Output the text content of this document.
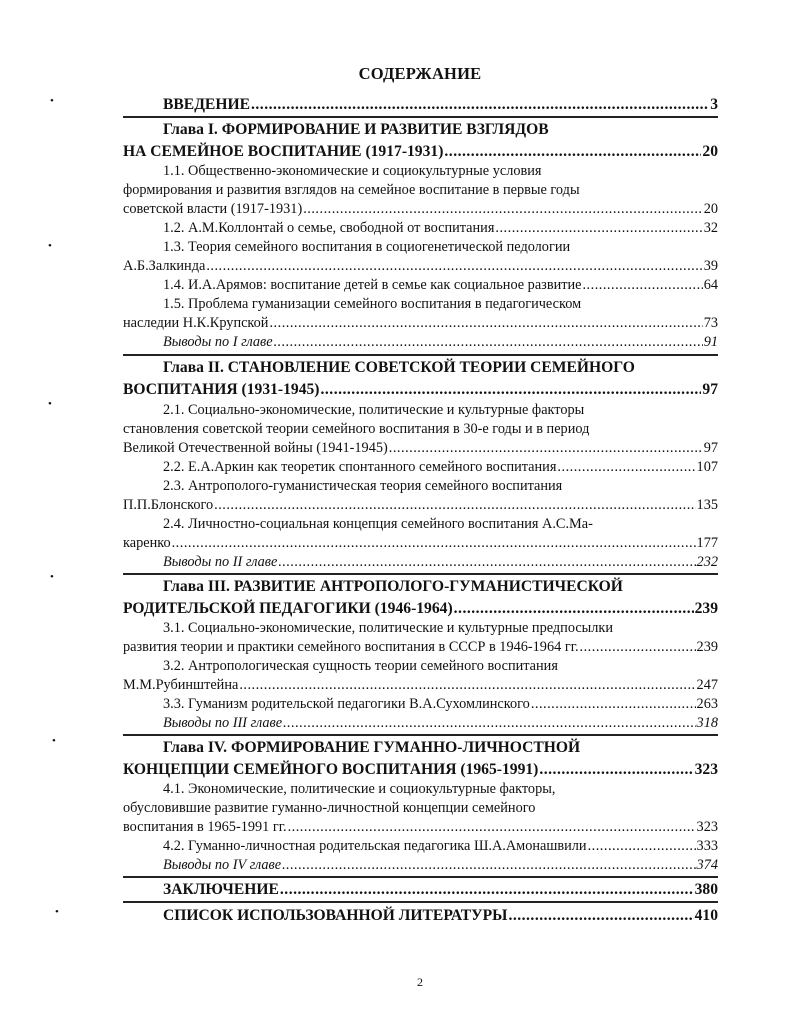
СОДЕРЖАНИЕ
•
•
•
•
•
•
ВВЕДЕНИЕ .....	3
Глава I. ФОРМИРОВАНИЕ И РАЗВИТИЕ ВЗГЛЯДОВ
НА СЕМЕЙНОЕ ВОСПИТАНИЕ (1917-1931) .....	20
1.1. Общественно-экономические и социокультурные условия
формирования и развития взглядов на семейное воспитание в первые годы
советской власти (1917-1931) .....	20
1.2. А.М.Коллонтай о семье, свободной от воспитания .....	32
1.3. Теория семейного воспитания в социогенетической педологии
А.Б.Залкинда .....	39
1.4. И.А.Арямов: воспитание детей в семье как социальное развитие .....	64
1.5. Проблема гуманизации семейного воспитания в педагогическом
наследии Н.К.Крупской .....	73
Выводы по I главе .....	91
Глава II. СТАНОВЛЕНИЕ СОВЕТСКОЙ ТЕОРИИ СЕМЕЙНОГО
ВОСПИТАНИЯ (1931-1945) .....	97
2.1. Социально-экономические, политические и культурные факторы
становления советской теории семейного воспитания в 30-е годы и в период
Великой Отечественной войны (1941-1945) .....	97
2.2. Е.А.Аркин как теоретик спонтанного семейного воспитания .....	107
2.3. Антрополого-гуманистическая теория семейного воспитания
П.П.Блонского .....	135
2.4. Личностно-социальная концепция семейного воспитания А.С.Ма-
каренко .....	177
Выводы по II главе .....	232
Глава III. РАЗВИТИЕ АНТРОПОЛОГО-ГУМАНИСТИЧЕСКОЙ
РОДИТЕЛЬСКОЙ ПЕДАГОГИКИ (1946-1964) .....	239
3.1. Социально-экономические, политические и культурные предпосылки
развития теории и практики семейного воспитания в СССР в 1946-1964 гг. .....	239
3.2. Антропологическая сущность теории семейного воспитания
М.М.Рубинштейна .....	247
3.3. Гуманизм родительской педагогики В.А.Сухомлинского .....	263
Выводы по III главе .....	318
Глава IV. ФОРМИРОВАНИЕ ГУМАННО-ЛИЧНОСТНОЙ
КОНЦЕПЦИИ СЕМЕЙНОГО ВОСПИТАНИЯ (1965-1991) .....	323
4.1. Экономические, политические и социокультурные факторы,
обусловившие развитие гуманно-личностной концепции семейного
воспитания в 1965-1991 гг. .....	323
4.2. Гуманно-личностная родительская педагогика Ш.А.Амонашвили .....	333
Выводы по IV главе .....	374
ЗАКЛЮЧЕНИЕ .....	380
СПИСОК ИСПОЛЬЗОВАННОЙ ЛИТЕРАТУРЫ .....	410
2
